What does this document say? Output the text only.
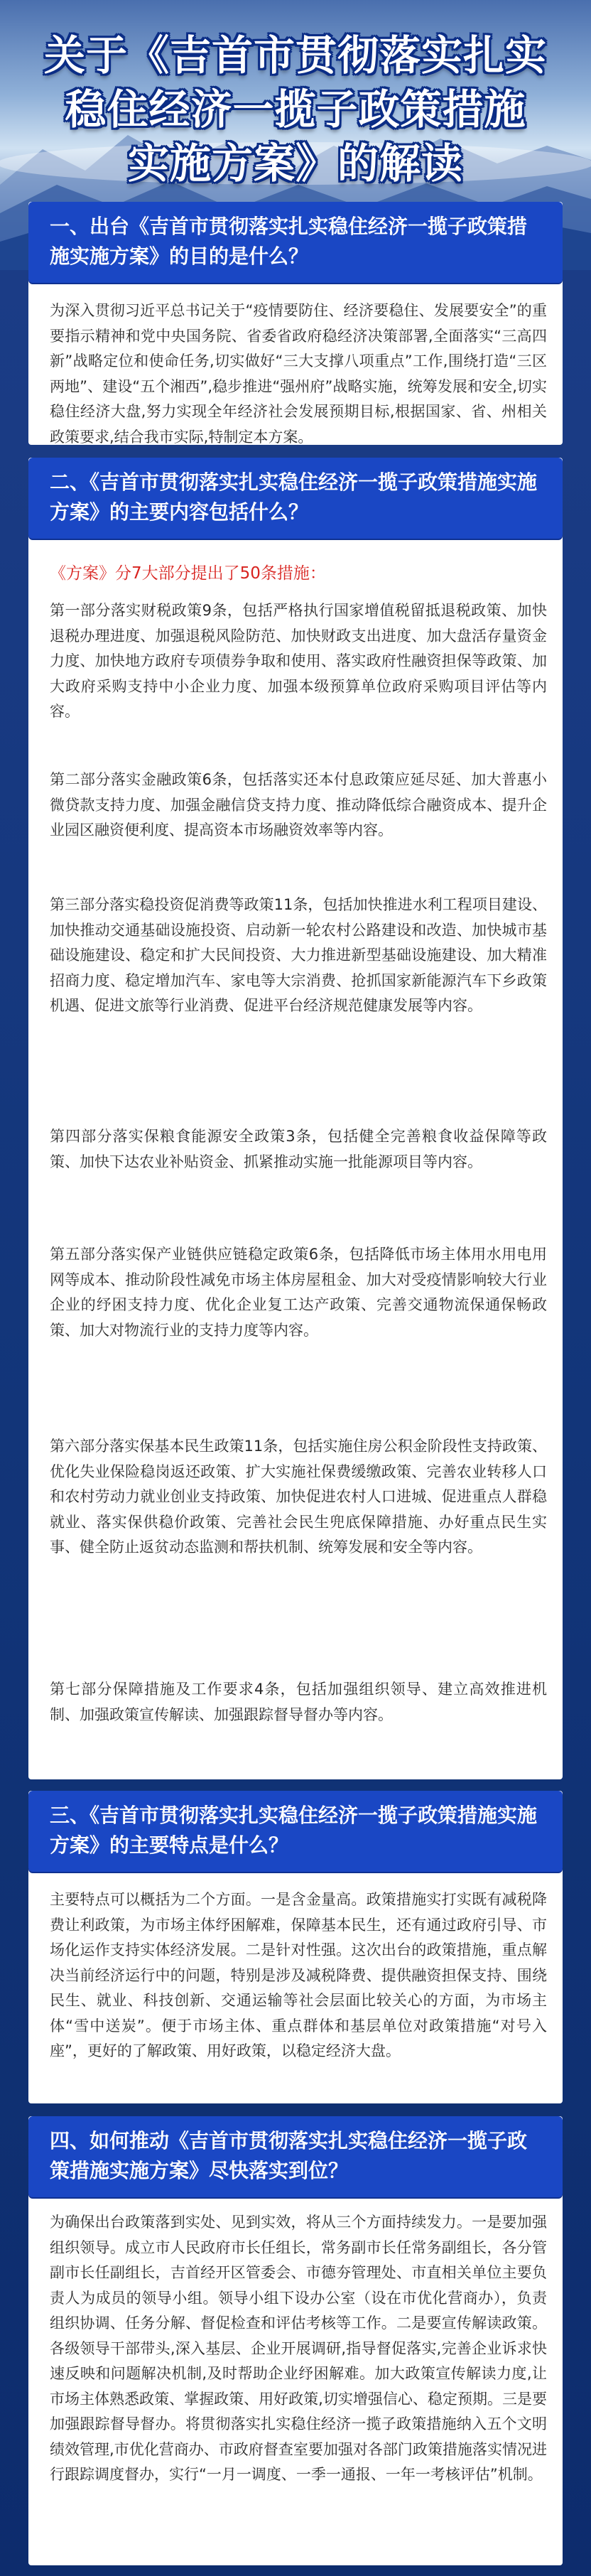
关于《吉首市贯彻落实扎实
稳住经济一揽子政策措施
实施方案》的解读
一、出台《吉首市贯彻落实扎实稳住经济一揽子政策措施实施方案》的目的是什么？
为深入贯彻习近平总书记关于“疫情要防住、经济要稳住、发展要安全”的重要指示精神和党中央国务院、省委省政府稳经济决策部署,全面落实“三高四新”战略定位和使命任务,切实做好“三大支撑八项重点”工作,围绕打造“三区两地”、建设“五个湘西”,稳步推进“强州府”战略实施，统筹发展和安全,切实稳住经济大盘,努力实现全年经济社会发展预期目标,根据国家、省、州相关政策要求,结合我市实际,特制定本方案。
二、《吉首市贯彻落实扎实稳住经济一揽子政策措施实施方案》的主要内容包括什么？
《方案》分7大部分提出了50条措施：
第一部分落实财税政策9条，包括严格执行国家增值税留抵退税政策、加快退税办理进度、加强退税风险防范、加快财政支出进度、加大盘活存量资金力度、加快地方政府专项债券争取和使用、落实政府性融资担保等政策、加大政府采购支持中小企业力度、加强本级预算单位政府采购项目评估等内容。
第二部分落实金融政策6条，包括落实还本付息政策应延尽延、加大普惠小微贷款支持力度、加强金融信贷支持力度、推动降低综合融资成本、提升企业园区融资便利度、提高资本市场融资效率等内容。
第三部分落实稳投资促消费等政策11条，包括加快推进水利工程项目建设、加快推动交通基础设施投资、启动新一轮农村公路建设和改造、加快城市基础设施建设、稳定和扩大民间投资、大力推进新型基础设施建设、加大精准招商力度、稳定增加汽车、家电等大宗消费、抢抓国家新能源汽车下乡政策机遇、促进文旅等行业消费、促进平台经济规范健康发展等内容。
第四部分落实保粮食能源安全政策3条，包括健全完善粮食收益保障等政策、加快下达农业补贴资金、抓紧推动实施一批能源项目等内容。
第五部分落实保产业链供应链稳定政策6条，包括降低市场主体用水用电用网等成本、推动阶段性减免市场主体房屋租金、加大对受疫情影响较大行业企业的纾困支持力度、优化企业复工达产政策、完善交通物流保通保畅政策、加大对物流行业的支持力度等内容。
第六部分落实保基本民生政策11条，包括实施住房公积金阶段性支持政策、优化失业保险稳岗返还政策、扩大实施社保费缓缴政策、完善农业转移人口和农村劳动力就业创业支持政策、加快促进农村人口进城、促进重点人群稳就业、落实保供稳价政策、完善社会民生兜底保障措施、办好重点民生实事、健全防止返贫动态监测和帮扶机制、统筹发展和安全等内容。
第七部分保障措施及工作要求4条，包括加强组织领导、建立高效推进机制、加强政策宣传解读、加强跟踪督导督办等内容。
三、《吉首市贯彻落实扎实稳住经济一揽子政策措施实施方案》的主要特点是什么？
主要特点可以概括为二个方面。一是含金量高。政策措施实打实既有减税降费让利政策，为市场主体纾困解难，保障基本民生，还有通过政府引导、市场化运作支持实体经济发展。二是针对性强。这次出台的政策措施，重点解决当前经济运行中的问题，特别是涉及减税降费、提供融资担保支持、围绕民生、就业、科技创新、交通运输等社会层面比较关心的方面，为市场主体“雪中送炭”。便于市场主体、重点群体和基层单位对政策措施“对号入座”，更好的了解政策、用好政策，以稳定经济大盘。
四、如何推动《吉首市贯彻落实扎实稳住经济一揽子政策措施实施方案》尽快落实到位？
为确保出台政策落到实处、见到实效，将从三个方面持续发力。一是要加强组织领导。成立市人民政府市长任组长，常务副市长任常务副组长，各分管副市长任副组长，吉首经开区管委会、市德夯管理处、市直相关单位主要负责人为成员的领导小组。领导小组下设办公室（设在市优化营商办），负责组织协调、任务分解、督促检查和评估考核等工作。二是要宣传解读政策。各级领导干部带头,深入基层、企业开展调研,指导督促落实,完善企业诉求快速反映和问题解决机制,及时帮助企业纾困解难。加大政策宣传解读力度,让市场主体熟悉政策、掌握政策、用好政策,切实增强信心、稳定预期。三是要加强跟踪督导督办。将贯彻落实扎实稳住经济一揽子政策措施纳入五个文明绩效管理,市优化营商办、市政府督查室要加强对各部门政策措施落实情况进行跟踪调度督办，实行“一月一调度、一季一通报、一年一考核评估”机制。
